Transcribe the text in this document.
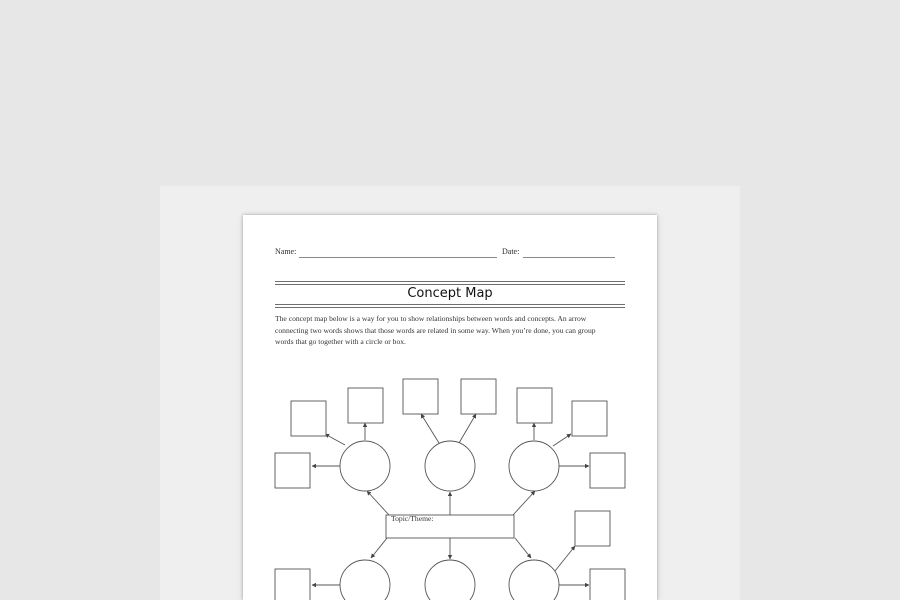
Name:	Date:
Concept Map
The concept map below is a way for you to show relationships between words and concepts. An arrow connecting two words shows that those words are related in some way. When you’re done, you can group words that go together with a circle or box.
Topic/Theme:
